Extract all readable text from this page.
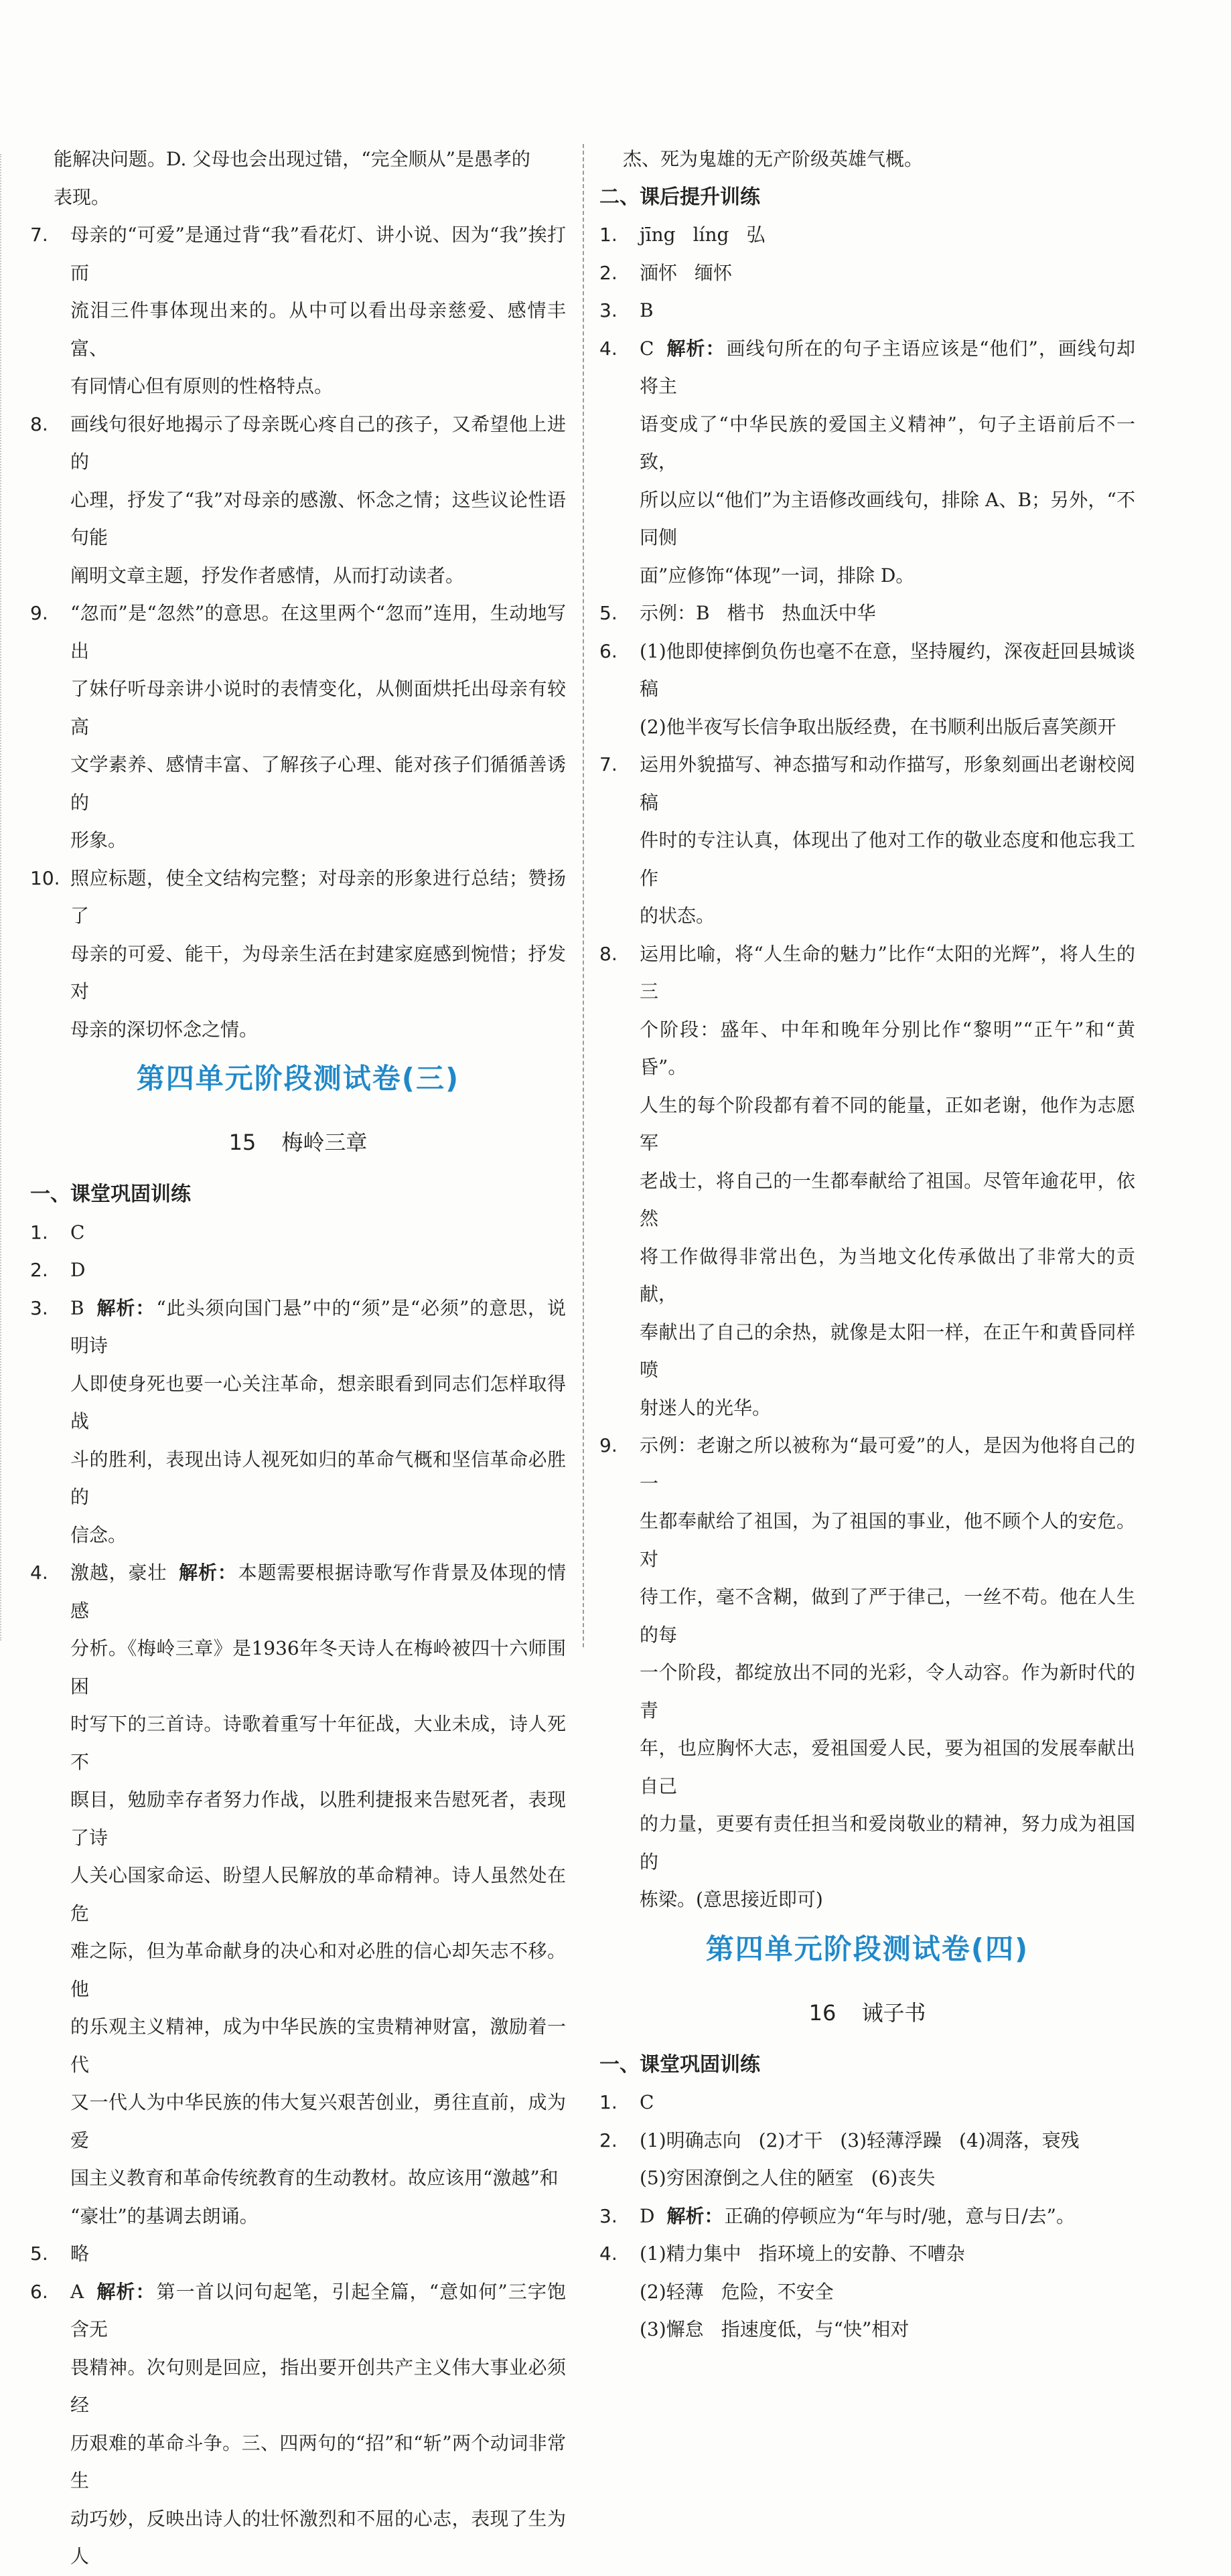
能解决问题。D. 父母也会出现过错，“完全顺从”是愚孝的

表现。

7. 母亲的“可爱”是通过背“我”看花灯、讲小说、因为“我”挨打而

流泪三件事体现出来的。从中可以看出母亲慈爱、感情丰富、

有同情心但有原则的性格特点。

8. 画线句很好地揭示了母亲既心疼自己的孩子，又希望他上进的

心理，抒发了“我”对母亲的感激、怀念之情；这些议论性语句能

阐明文章主题，抒发作者感情，从而打动读者。

9. “忽而”是“忽然”的意思。在这里两个“忽而”连用，生动地写出

了妹仔听母亲讲小说时的表情变化，从侧面烘托出母亲有较高

文学素养、感情丰富、了解孩子心理、能对孩子们循循善诱的

形象。

10. 照应标题，使全文结构完整；对母亲的形象进行总结；赞扬了

母亲的可爱、能干，为母亲生活在封建家庭感到惋惜；抒发对

母亲的深切怀念之情。

第四单元阶段测试卷(三)

15 梅岭三章

一、课堂巩固训练

1. C

2. D

3. B 解析：“此头须向国门悬”中的“须”是“必须”的意思，说明诗

人即使身死也要一心关注革命，想亲眼看到同志们怎样取得战

斗的胜利，表现出诗人视死如归的革命气概和坚信革命必胜的

信念。

4. 激越，豪壮 解析：本题需要根据诗歌写作背景及体现的情感

分析。《梅岭三章》是1936年冬天诗人在梅岭被四十六师围困

时写下的三首诗。诗歌着重写十年征战，大业未成，诗人死不

瞑目，勉励幸存者努力作战，以胜利捷报来告慰死者，表现了诗

人关心国家命运、盼望人民解放的革命精神。诗人虽然处在危

难之际，但为革命献身的决心和对必胜的信心却矢志不移。他

的乐观主义精神，成为中华民族的宝贵精神财富，激励着一代

又一代人为中华民族的伟大复兴艰苦创业，勇往直前，成为爱

国主义教育和革命传统教育的生动教材。故应该用“激越”和

“豪壮”的基调去朗诵。

5. 略

6. A 解析：第一首以问句起笔，引起全篇，“意如何”三字饱含无

畏精神。次句则是回应，指出要开创共产主义伟大事业必须经

历艰难的革命斗争。三、四两句的“招”和“斩”两个动词非常生

动巧妙，反映出诗人的壮怀激烈和不屈的心志，表现了生为人

杰、死为鬼雄的无产阶级英雄气概。

二、课后提升训练

1. jīng líng 弘

2. 湎怀 缅怀

3. B

4. C 解析：画线句所在的句子主语应该是“他们”，画线句却将主

语变成了“中华民族的爱国主义精神”，句子主语前后不一致，

所以应以“他们”为主语修改画线句，排除 A、B；另外，“不同侧

面”应修饰“体现”一词，排除 D。

5. 示例：B 楷书 热血沃中华

6. (1)他即使摔倒负伤也毫不在意，坚持履约，深夜赶回县城谈稿

(2)他半夜写长信争取出版经费，在书顺利出版后喜笑颜开

7. 运用外貌描写、神态描写和动作描写，形象刻画出老谢校阅稿

件时的专注认真，体现出了他对工作的敬业态度和他忘我工作

的状态。

8. 运用比喻，将“人生命的魅力”比作“太阳的光辉”，将人生的三

个阶段：盛年、中年和晚年分别比作“黎明”“正午”和“黄昏”。

人生的每个阶段都有着不同的能量，正如老谢，他作为志愿军

老战士，将自己的一生都奉献给了祖国。尽管年逾花甲，依然

将工作做得非常出色，为当地文化传承做出了非常大的贡献，

奉献出了自己的余热，就像是太阳一样，在正午和黄昏同样喷

射迷人的光华。

9. 示例：老谢之所以被称为“最可爱”的人，是因为他将自己的一

生都奉献给了祖国，为了祖国的事业，他不顾个人的安危。对

待工作，毫不含糊，做到了严于律己，一丝不苟。他在人生的每

一个阶段，都绽放出不同的光彩，令人动容。作为新时代的青

年，也应胸怀大志，爱祖国爱人民，要为祖国的发展奉献出自己

的力量，更要有责任担当和爱岗敬业的精神，努力成为祖国的

栋梁。(意思接近即可)

第四单元阶段测试卷(四)

16 诫子书

一、课堂巩固训练

1. C

2. (1)明确志向 (2)才干 (3)轻薄浮躁 (4)凋落，衰残

(5)穷困潦倒之人住的陋室 (6)丧失

3. D 解析：正确的停顿应为“年与时/驰，意与日/去”。

4. (1)精力集中 指环境上的安静、不嘈杂

(2)轻薄 危险，不安全

(3)懈怠 指速度低，与“快”相对
